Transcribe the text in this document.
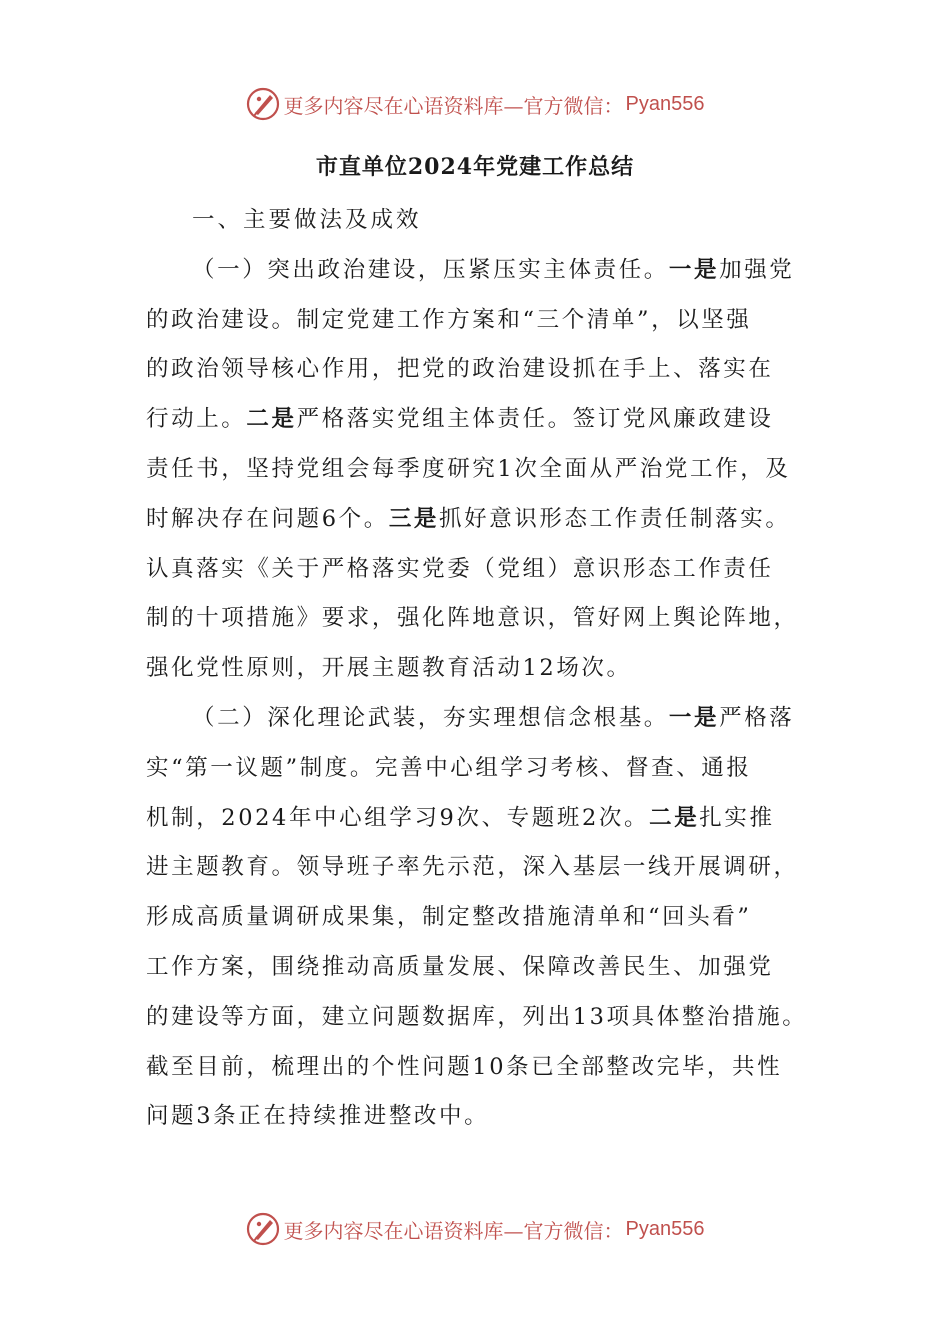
更多内容尽在心语资料库—官方微信： Pyan556
市直单位2024年党建工作总结
一、主要做法及成效
（一）突出政治建设，压紧压实主体责任。一是加强党
的政治建设。制定党建工作方案和“三个清单”，以坚强
的政治领导核心作用，把党的政治建设抓在手上、落实在
行动上。二是严格落实党组主体责任。签订党风廉政建设
责任书，坚持党组会每季度研究1次全面从严治党工作，及
时解决存在问题6个。三是抓好意识形态工作责任制落实。
认真落实《关于严格落实党委（党组）意识形态工作责任
制的十项措施》要求，强化阵地意识，管好网上舆论阵地，
强化党性原则，开展主题教育活动12场次。
（二）深化理论武装，夯实理想信念根基。一是严格落
实“第一议题”制度。完善中心组学习考核、督查、通报
机制，2024年中心组学习9次、专题班2次。二是扎实推
进主题教育。领导班子率先示范，深入基层一线开展调研，
形成高质量调研成果集，制定整改措施清单和“回头看”
工作方案，围绕推动高质量发展、保障改善民生、加强党
的建设等方面，建立问题数据库，列出13项具体整治措施。
截至目前，梳理出的个性问题10条已全部整改完毕，共性
问题3条正在持续推进整改中。
更多内容尽在心语资料库—官方微信： Pyan556
